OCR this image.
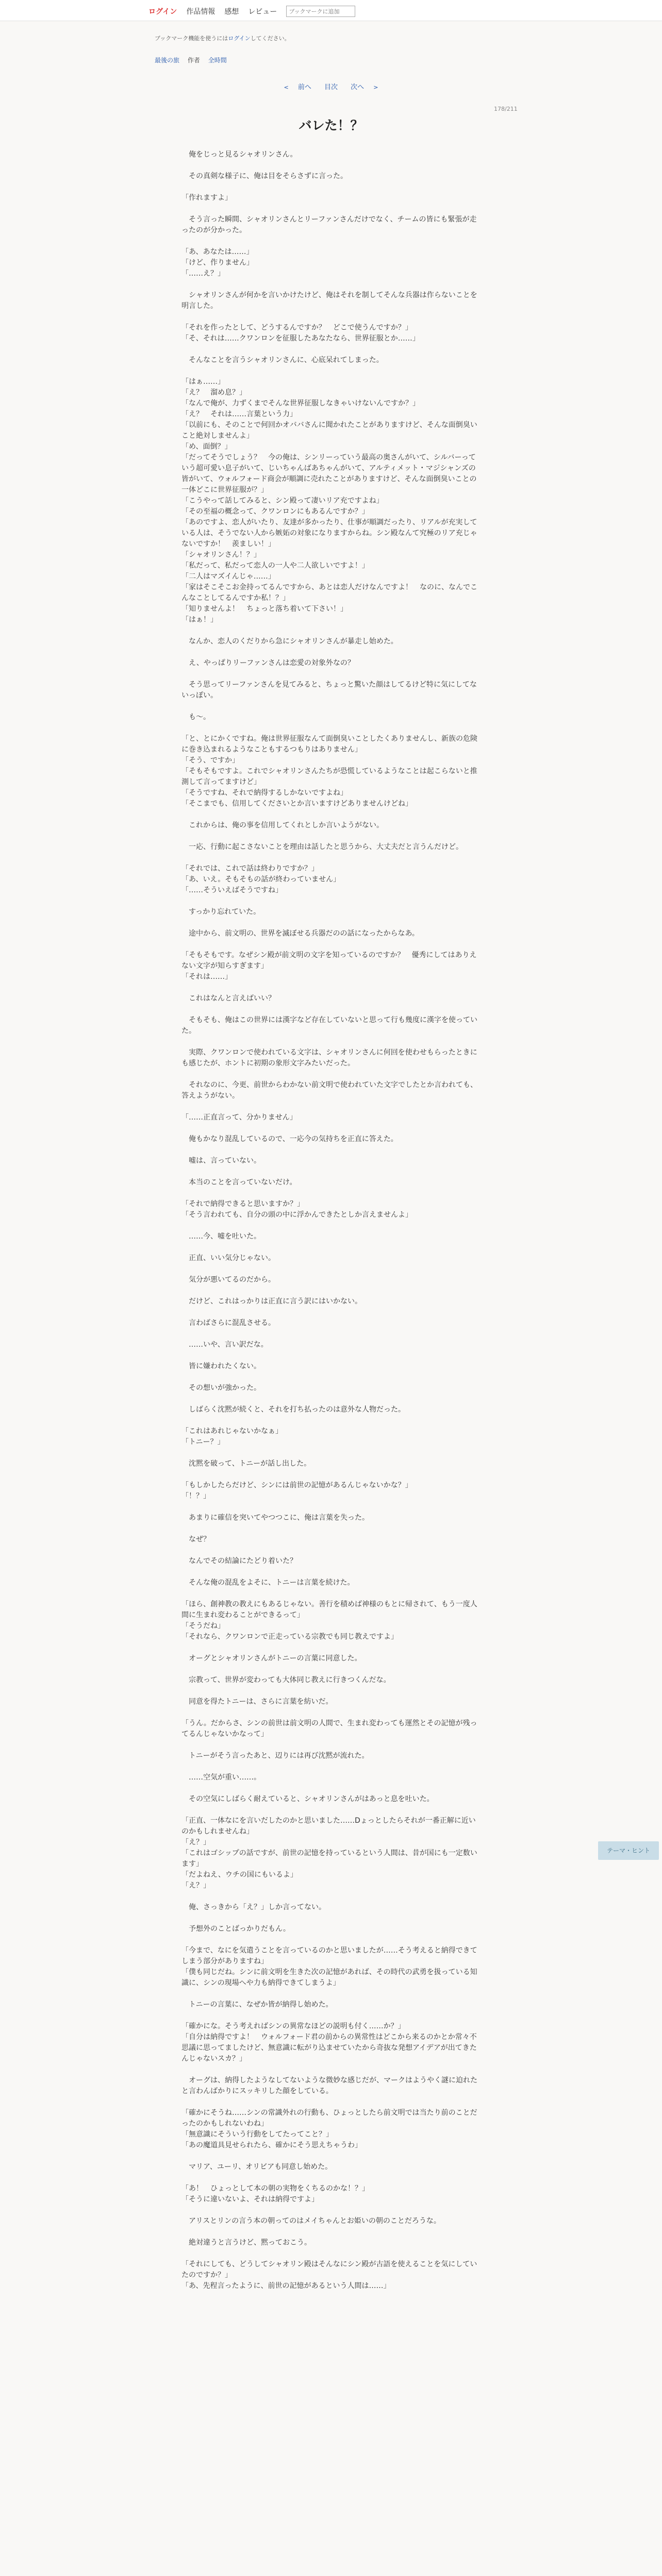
ログイン 作品情報 感想 レビュー
ブックマークに追加
ブックマーク機能を使うにはログインしてください。
最後の旅 作者 全時間
< 前へ 目次 次へ >
178/211
バレた！？

　俺をじっと見るシャオリンさん。

　その真剣な様子に、俺は目をそらさずに言った。

「作れますよ」

　そう言った瞬間、シャオリンさんとリーファンさんだけでなく、チームの皆にも緊張が走ったのが分かった。

「あ、あなたは……」
「けど、作りません」
「……え？」

　シャオリンさんが何かを言いかけたけど、俺はそれを制してそんな兵器は作らないことを明言した。

「それを作ったとして、どうするんですか？　どこで使うんですか？」
「そ、それは……クワンロンを征服したあなたなら、世界征服とか……」

　そんなことを言うシャオリンさんに、心底呆れてしまった。

「はぁ……」
「え？　溜め息？」
「なんで俺が、力ずくまでそんな世界征服しなきゃいけないんですか？」
「え？　それは……言葉という力」
「以前にも、そのことで何回かオババさんに聞かれたことがありますけど、そんな面倒臭いこと絶対しませんよ」
「め、面倒？」
「だってそうでしょう？　今の俺は、シンリーっていう最高の奥さんがいて、シルバーっていう超可愛い息子がいて、じいちゃんばあちゃんがいて、アルティメット・マジシャンズの皆がいて、ウォルフォード商会が順調に売れたことがありますけど、そんな面倒臭いことの一体どこに世界征服が？」
「こうやって話してみると、シン殿って凄いリア充ですよね」
「その至福の概念って、クワンロンにもあるんですか？」
「あのですよ、恋人がいたり、友達が多かったり、仕事が順調だったり、リアルが充実している人は、そうでない人から嫉妬の対象になりますからね。シン殿なんて究極のリア充じゃないですか！　羨ましい！」
「シャオリンさん！？」
「私だって、私だって恋人の一人や二人欲しいですよ！」
「二人はマズイんじゃ……」
「家はそこそこお金持ってるんですから、あとは恋人だけなんですよ！　なのに、なんでこんなことしてるんですか私！？」
「知りませんよ！　ちょっと落ち着いて下さい！」
「はぁ！」

　なんか、恋人のくだりから急にシャオリンさんが暴走し始めた。

　え、やっぱりリーファンさんは恋愛の対象外なの？

　そう思ってリーファンさんを見てみると、ちょっと驚いた顔はしてるけど特に気にしてないっぽい。

　も～。

「と、とにかくですね。俺は世界征服なんて面倒臭いことしたくありませんし、新族の危険に巻き込まれるようなこともするつもりはありません」
「そう、ですか」
「そもそもですよ。これでシャオリンさんたちが恐慌しているようなことは起こらないと推測して言ってますけど」
「そうですね、それで納得するしかないですよね」
「そこまでも、信用してくださいとか言いますけどありませんけどね」

　これからは、俺の事を信用してくれとしか言いようがない。

　一応、行動に起こさないことを理由は話したと思うから、大丈夫だと言うんだけど。

「それでは、これで話は終わりですか？」
「あ、いえ。そもそもの話が終わっていません」
「……そういえばそうですね」

　すっかり忘れていた。

　途中から、前文明の、世界を滅ぼせる兵器だのの話になったからなあ。

「そもそもです。なぜシン殿が前文明の文字を知っているのですか？　優秀にしてはありえない文字が知らすぎます」
「それは……」

　これはなんと言えばいい？

　そもそも、俺はこの世界には漢字など存在していないと思って行も幾度に漢字を使っていた。

　実際、クワンロンで使われている文字は、シャオリンさんに何回を使わせもらったときにも感じたが、ホントに初期の象形文字みたいだった。

　それなのに、今更、前世からわかない前文明で使われていた文字でしたとか言われても、答えようがない。

「……正直言って、分かりません」

　俺もかなり混乱しているので、一応今の気持ちを正直に答えた。

　嘘は、言っていない。

　本当のことを言っていないだけ。

「それで納得できると思いますか？」
「そう言われても、自分の頭の中に浮かんできたとしか言えませんよ」

　……今、嘘を吐いた。

　正直、いい気分じゃない。

　気分が悪いてるのだから。

　だけど、これはっかりは正直に言う訳にはいかない。

　言わばさらに混乱させる。

　……いや、言い訳だな。

　皆に嫌われたくない。

　その想いが強かった。

　しばらく沈黙が続くと、それを打ち払ったのは意外な人物だった。

「これはあれじゃないかなぁ」
「トニー？」

　沈黙を破って、トニーが話し出した。

「もしかしたらだけど、シンには前世の記憶があるんじゃないかな？」
「！？」

　あまりに確信を突いてやつつこに、俺は言葉を失った。

　なぜ？

　なんでその結論にたどり着いた？

　そんな俺の混乱をよそに、トニーは言葉を続けた。

「ほら、創神教の教えにもあるじゃない。善行を積めば神様のもとに帰されて、もう一度人間に生まれ変わることができるって」
「そうだね」
「それなら、クワンロンで正走っている宗教でも同じ教えですよ」

　オーグとシャオリンさんがトニーの言葉に同意した。

　宗教って、世界が変わっても大体同じ教えに行きつくんだな。

　同意を得たトニーは、さらに言葉を紡いだ。

「うん。だからさ、シンの前世は前文明の人間で、生まれ変わっても運然とその記憶が残ってるんじゃないかなって」

　トニーがそう言ったあと、辺りには再び沈黙が流れた。

　……空気が重い……。

　その空気にしばらく耐えていると、シャオリンさんがはあっと息を吐いた。

「正直、一体なにを言いだしたのかと思いました……Dょっとしたらそれが一番正解に近いのかもしれませんね」
「え？」
「これはゴシップの話ですが、前世の記憶を持っているという人間は、昔が国にも一定数います」
「だよねえ、ウチの国にもいるよ」
「え？」

　俺、さっきから「え？」しか言ってない。

　予想外のことばっかりだもん。

「今まで、なにを気遣うことを言っているのかと思いましたが……そう考えると納得できてしまう部分がありますね」
「僕も同じだね。シンに前文明を生きた次の記憶があれば、その時代の武勇を扱っている知識に、シンの現場へや力も納得できてしまうよ」

　トニーの言葉に、なぜか皆が納得し始めた。

「確かにな。そう考えればシンの異常なほどの説明も付く……か？」
「自分は納得ですよ！　ウォルフォード君の前からの異常性はどこから来るのかとか常々不思議に思ってましたけど、無意識に転がり込ませていたから奇抜な発想アイデアが出てきたんじゃないスカ？」

　オーグは、納得したようなしてないような微妙な感じだが、マークはようやく謎に迫れたと言わんばかりにスッキリした顔をしている。

「確かにそうね……シンの常識外れの行動も、ひょっとしたら前文明では当たり前のことだったのかもしれないわね」
「無意識にそういう行動をしてたってこと？」
「あの魔道具見せられたら、確かにそう思えちゃうわ」

　マリア、ユーリ、オリビアも同意し始めた。

「あ！　ひょっとして本の朝の実物をくちるのかな！？」
「そうに違いないよ、それは納得ですよ」

　アリスとリンの言う本の朝ってのはメイちゃんとお姫いの朝のことだろうな。

　絶対違うと言うけど、黙っておこう。

「それにしても、どうしてシャオリン殿はそんなにシン殿が古語を使えることを気にしていたのですか？」
「あ、先程言ったように、前世の記憶があるという人間は……」

テーマ・ヒント
